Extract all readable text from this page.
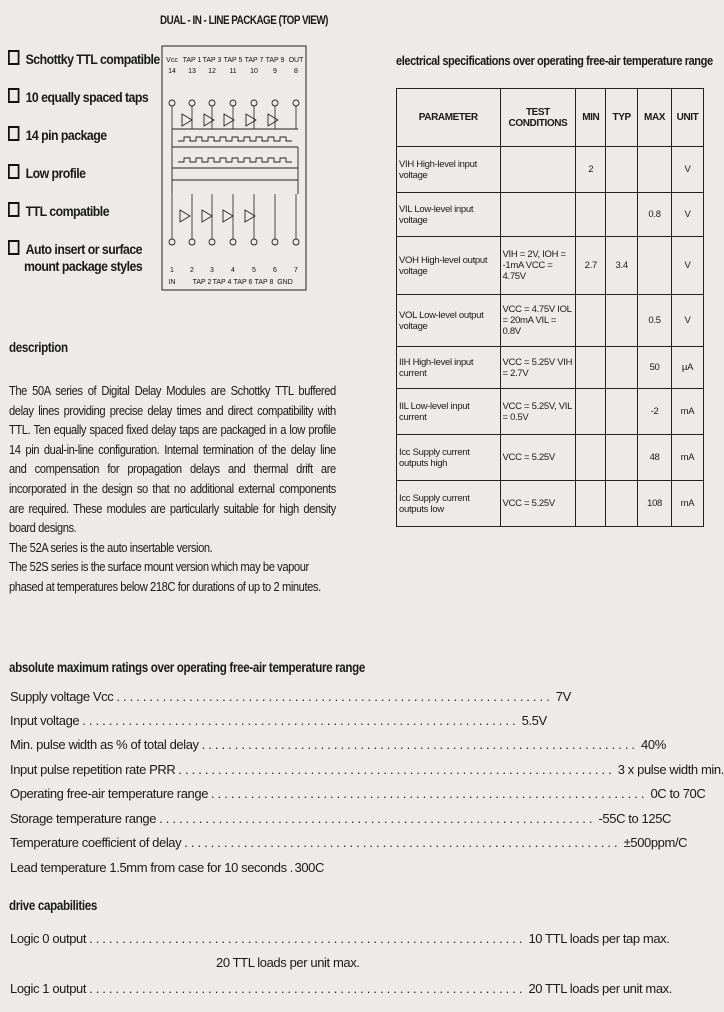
DUAL - IN - LINE PACKAGE (TOP VIEW)
Vcc
14
TAP 1
13
TAP 3
12
TAP 5
11
TAP 7
10
TAP 9
9
OUT
8
1
IN
2
TAP 2
3
TAP 4
4
TAP 6
5
TAP 8
6
GND
7
Schottky TTL compatible
10 equally spaced taps
14 pin package
Low profile
TTL compatible
Auto insert or surface
mount package styles
description

The 50A series of Digital Delay Modules are Schottky TTL buffered delay lines providing precise delay times and direct compatibility with TTL. Ten equally spaced fixed delay taps are packaged in a low profile 14 pin dual-in-line configuration. Internal termination of the delay line and compensation for propagation delays and thermal drift are incorporated in the design so that no additional external components are required. These modules are particularly suitable for high density board designs.

The 52A series is the auto insertable version.

The 52S series is the surface mount version which may be vapour phased at temperatures below 218C for durations of up to 2 minutes.

absolute maximum ratings over operating free-air temperature range
Supply voltage Vcc .................................................................. 7V
Input voltage .................................................................. 5.5V
Min. pulse width as % of total delay .................................................................. 40%
Input pulse repetition rate PRR .................................................................. 3 x pulse width min.
Operating free-air temperature range .................................................................. 0C to 70C
Storage temperature range .................................................................. -55C to 125C
Temperature coefficient of delay .................................................................. ±500ppm/C
Lead temperature 1.5mm from case for 10 seconds 300C
drive capabilities
Logic 0 output .................................................................. 10 TTL loads per tap max.
20 TTL loads per unit max.
Logic 1 output .................................................................. 20 TTL loads per unit max.
electrical specifications over operating free-air temperature range
PARAMETER	TEST CONDITIONS	MIN	TYP	MAX	UNIT
VIH High-level input voltage		2			V
VIL Low-level input voltage				0.8	V
VOH High-level output voltage	VIH = 2V, IOH = -1mA VCC = 4.75V	2.7	3.4		V
VOL Low-level output voltage	VCC = 4.75V IOL = 20mA VIL = 0.8V			0.5	V
IIH High-level input current	VCC = 5.25V VIH = 2.7V			50	μA
IIL Low-level input current	VCC = 5.25V, VIL = 0.5V			-2	mA
Icc Supply current outputs high	VCC = 5.25V			48	mA
Icc Supply current outputs low	VCC = 5.25V			108	mA
